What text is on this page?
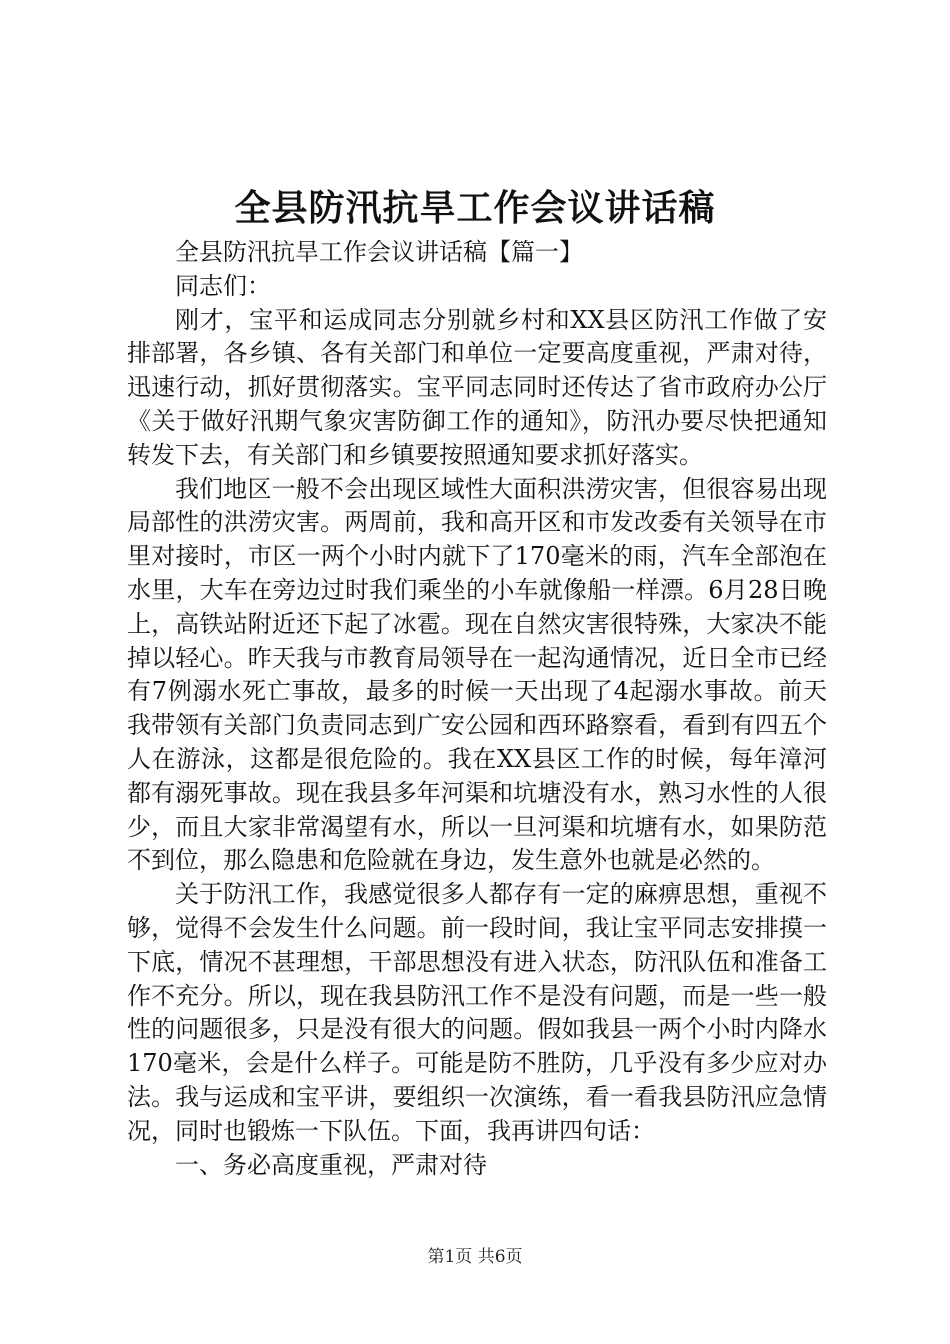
全县防汛抗旱工作会议讲话稿

全县防汛抗旱工作会议讲话稿【篇一】

同志们：

刚才，宝平和运成同志分别就乡村和XX县区防汛工作做了安排部署，各乡镇、各有关部门和单位一定要高度重视，严肃对待，迅速行动，抓好贯彻落实。宝平同志同时还传达了省市政府办公厅《关于做好汛期气象灾害防御工作的通知》，防汛办要尽快把通知转发下去，有关部门和乡镇要按照通知要求抓好落实。

我们地区一般不会出现区域性大面积洪涝灾害，但很容易出现局部性的洪涝灾害。两周前，我和高开区和市发改委有关领导在市里对接时，市区一两个小时内就下了170毫米的雨，汽车全部泡在水里，大车在旁边过时我们乘坐的小车就像船一样漂。6月28日晚上，高铁站附近还下起了冰雹。现在自然灾害很特殊，大家决不能掉以轻心。昨天我与市教育局领导在一起沟通情况，近日全市已经有7例溺水死亡事故，最多的时候一天出现了4起溺水事故。前天我带领有关部门负责同志到广安公园和西环路察看，看到有四五个人在游泳，这都是很危险的。我在XX县区工作的时候，每年漳河都有溺死事故。现在我县多年河渠和坑塘没有水，熟习水性的人很少，而且大家非常渴望有水，所以一旦河渠和坑塘有水，如果防范不到位，那么隐患和危险就在身边，发生意外也就是必然的。

关于防汛工作，我感觉很多人都存有一定的麻痹思想，重视不够，觉得不会发生什么问题。前一段时间，我让宝平同志安排摸一下底，情况不甚理想，干部思想没有进入状态，防汛队伍和准备工作不充分。所以，现在我县防汛工作不是没有问题，而是一些一般性的问题很多，只是没有很大的问题。假如我县一两个小时内降水170毫米，会是什么样子。可能是防不胜防，几乎没有多少应对办法。我与运成和宝平讲，要组织一次演练，看一看我县防汛应急情况，同时也锻炼一下队伍。下面，我再讲四句话：

一、务必高度重视，严肃对待

第1页 共6页
